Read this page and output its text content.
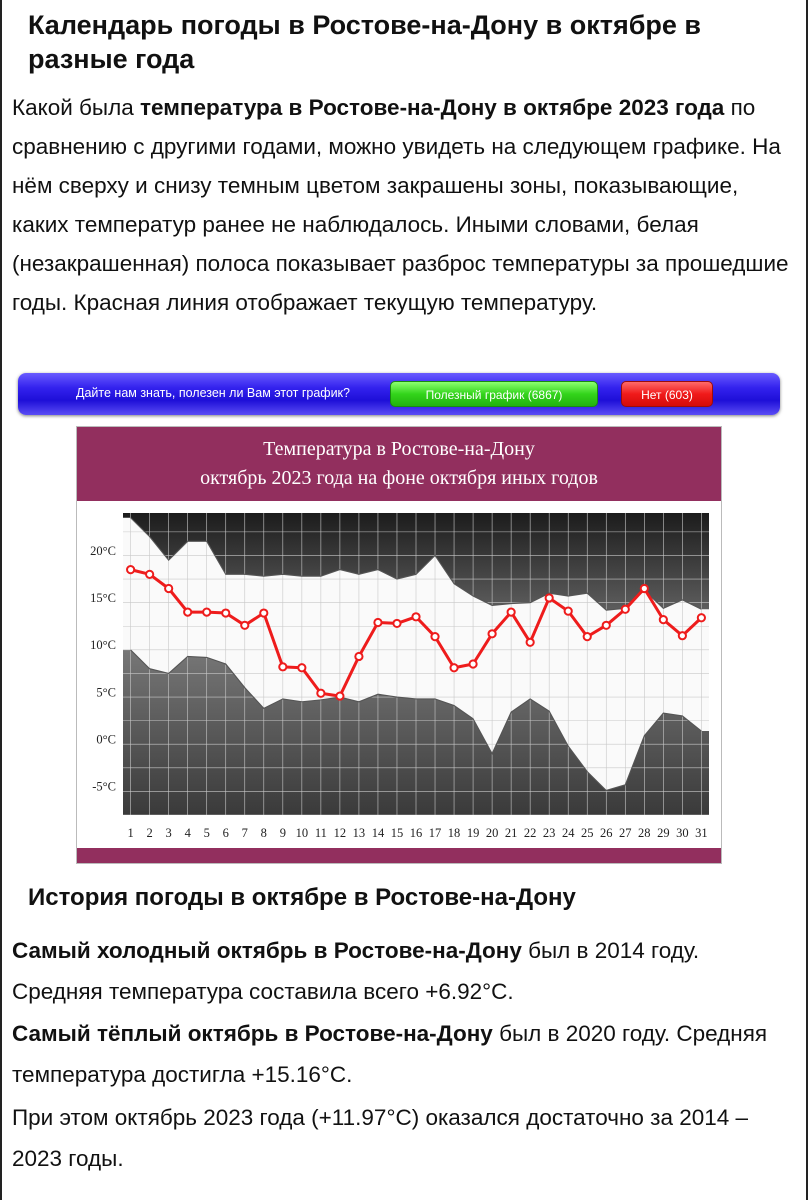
Календарь погоды в Ростове-на-Дону в октябре в разные года

Какой была температура в Ростове-на-Дону в октябре 2023 года по сравнению с другими годами, можно увидеть на следующем графике. На нём сверху и снизу темным цветом закрашены зоны, показывающие, каких температур ранее не наблюдалось. Иными словами, белая (незакрашенная) полоса показывает разброс температуры за прошедшие годы. Красная линия отображает текущую температуру.

Дайте нам знать, полезен ли Вам этот график?	Полезный график (6867)	Нет (603)
Температура в Ростове-на-Дону
октябрь 2023 года на фоне октября иных годов
20°C
15°C
10°C
5°C
0°C
-5°C
1 2 3 4 5 6 7 8 9 10 11 12 13 14 15 16 17 18 19 20 21 22 23 24 25 26 27 28 29 30 31
История погоды в октябре в Ростове-на-Дону

Самый холодный октябрь в Ростове-на-Дону был в 2014 году. Средняя температура составила всего +6.92°C.

Самый тёплый октябрь в Ростове-на-Дону был в 2020 году. Средняя температура достигла +15.16°C.

При этом октябрь 2023 года (+11.97°C) оказался достаточно за 2014 – 2023 годы.
